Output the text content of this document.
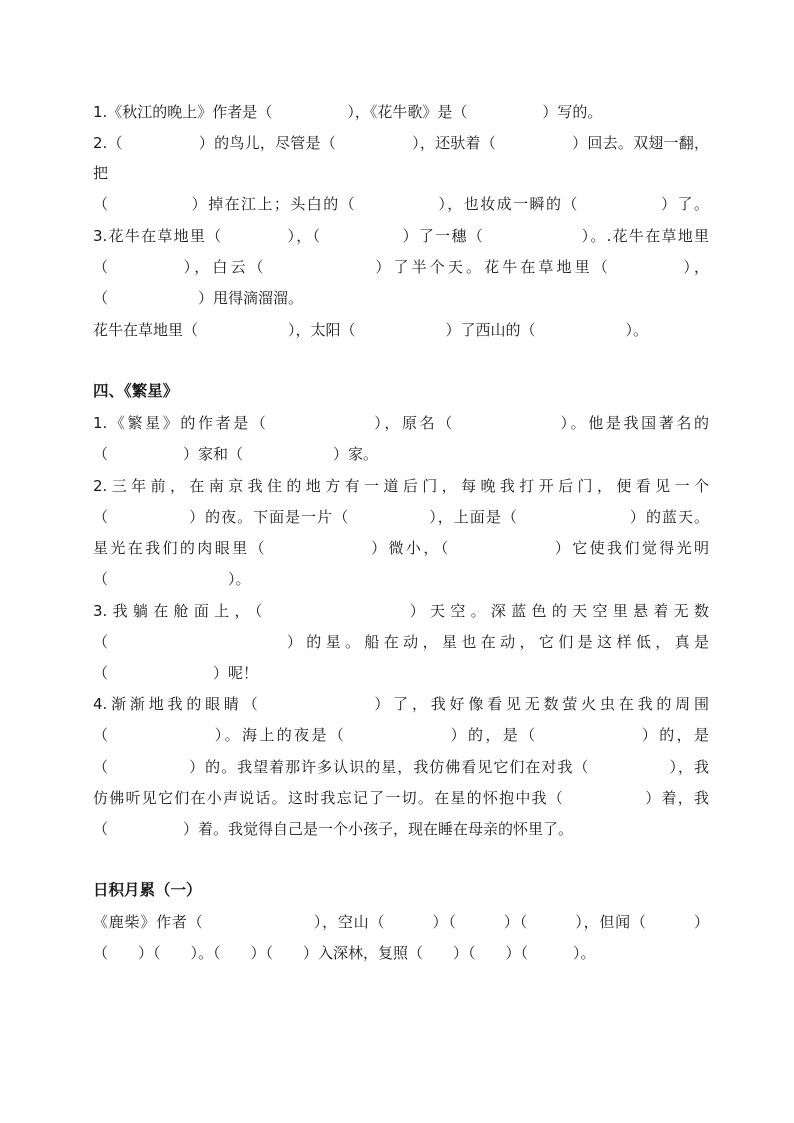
1.《秋江的晚上》作者是（　　　　　），《花牛歌》是（　　　　　）写的。

2.（　　　　　）的鸟儿，尽管是（　　　　　），还驮着（　　　　　）回去。双翅一翻，

把

（　　　　　）掉在江上；头白的（　　　　　），也妆成一瞬的（　　　　　）了。

3.花牛在草地里（　　　　），（　　　　　）了一穗（　　　　　　）。.花牛在草地里

（　　　　），白云（　　　　　　）了半个天。花牛在草地里（　　　　），

（　　　　　　）甩得滴溜溜。

花牛在草地里（　　　　　　），太阳（　　　　　　）了西山的（　　　　　　）。

四、《繁星》

1.《繁星》的作者是（　　　　　　），原名（　　　　　　）。他是我国著名的

（　　　　　）家和（　　　　　　）家。

2.三年前，在南京我住的地方有一道后门，每晚我打开后门，便看见一个

（　　　　　）的夜。下面是一片（　　　　　），上面是（　　　　　　　）的蓝天。

星光在我们的肉眼里（　　　　　　）微小，（　　　　　　）它使我们觉得光明

（　　　　　　　　）。

3.我躺在舱面上，（　　　　　　　）天空。深蓝色的天空里悬着无数

（　　　　　　　　　）的星。船在动，星也在动，它们是这样低，真是

（　　　　　　　）呢！

4.渐渐地我的眼睛（　　　　　　）了，我好像看见无数萤火虫在我的周围

（　　　　　　）。海上的夜是（　　　　　　）的，是（　　　　　　）的，是

（　　　　　）的。我望着那许多认识的星，我仿佛看见它们在对我（　　　　　），我

仿佛听见它们在小声说话。这时我忘记了一切。在星的怀抱中我（　　　　　）着，我

（　　　　　）着。我觉得自己是一个小孩子，现在睡在母亲的怀里了。

日积月累（一）

《鹿柴》作者（　　　　　　　），空山（　　　）（　　　）（　　　），但闻（　　　）

（　　）（　　）。（　　）（　　）入深林，复照（　　）（　　）（　　　）。
